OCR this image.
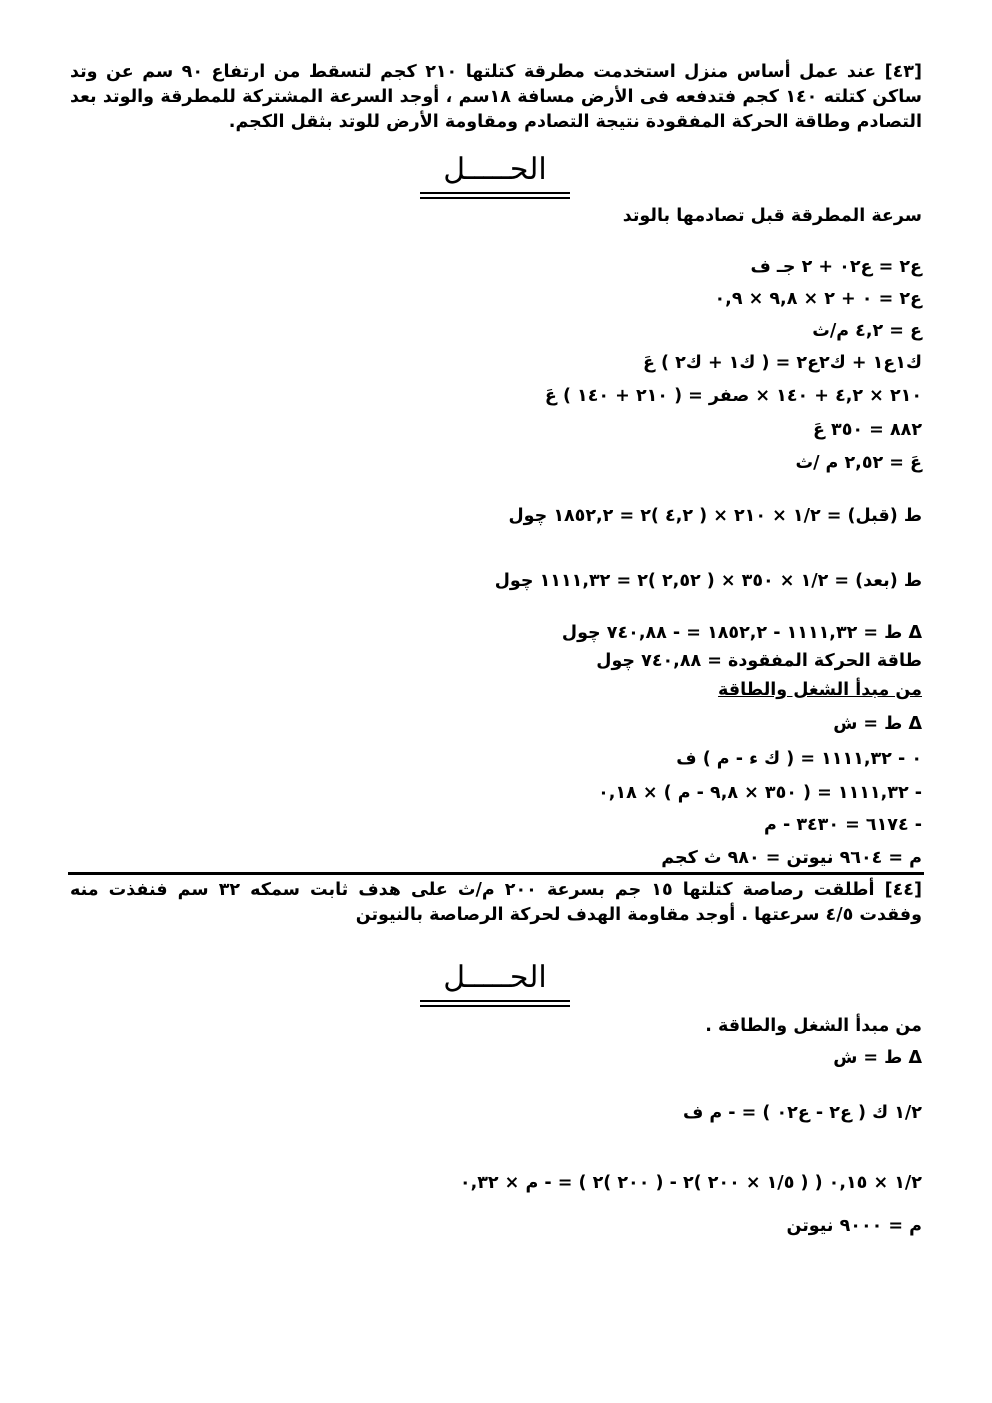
[٤٣] عند عمل أساس منزل استخدمت مطرقة كتلتها ٢١٠ كجم لتسقط من ارتفاع ٩٠ سم عن وتد ساكن كتلته ١٤٠ كجم فتدفعه فى الأرض مسافة ١٨سم ، أوجد السرعة المشتركة للمطرقة والوتد بعد التصادم وطاقة الحركة المفقودة نتيجة التصادم ومقاومة الأرض للوتد بثقل الكجم.
الحـــــل
سرعة المطرقة قبل تصادمها بالوتد
ع٢ = ع٠٢ + ٢ جـ ف
ع٢ = ٠ + ٢ × ٩,٨ × ٠,٩
ع = ٤,٢ م/ث
ك١ع١ + ك٢ع٢ = ( ك١ + ك٢ ) عَ
٢١٠ × ٤,٢ + ١٤٠ × صفر = ( ٢١٠ + ١٤٠ ) عَ
٨٨٢ = ٣٥٠ عَ
عَ = ٢,٥٢ م /ث
ط (قبل) = ١/٢ × ٢١٠ × ( ٤,٢ )٢ = ١٨٥٢,٢ چول
ط (بعد) = ١/٢ × ٣٥٠ × ( ٢,٥٢ )٢ = ١١١١,٣٢ چول
Δ ط = ١١١١,٣٢ - ١٨٥٢,٢ = - ٧٤٠,٨٨ چول
طاقة الحركة المفقودة = ٧٤٠,٨٨ چول
من مبدأ الشغل والطاقة
Δ ط = ش
٠ - ١١١١,٣٢ = ( ك ء - م ) ف
- ١١١١,٣٢ = ( ٣٥٠ × ٩,٨ - م ) × ٠,١٨
- ٦١٧٤ = ٣٤٣٠ - م
م = ٩٦٠٤ نيوتن = ٩٨٠ ث كجم
[٤٤] أطلقت رصاصة كتلتها ١٥ جم بسرعة ٢٠٠ م/ث على هدف ثابت سمكه ٣٢ سم فنفذت منه وفقدت ٤/٥ سرعتها . أوجد مقاومة الهدف لحركة الرصاصة بالنيوتن
الحـــــل
من مبدأ الشغل والطاقة .
Δ ط = ش
١/٢ ك ( ع٢ - ع٠٢ ) = - م ف
١/٢ × ٠,١٥ ( ( ١/٥ × ٢٠٠ )٢ - ( ٢٠٠ )٢ ) = - م × ٠,٣٢
م = ٩٠٠٠ نيوتن
